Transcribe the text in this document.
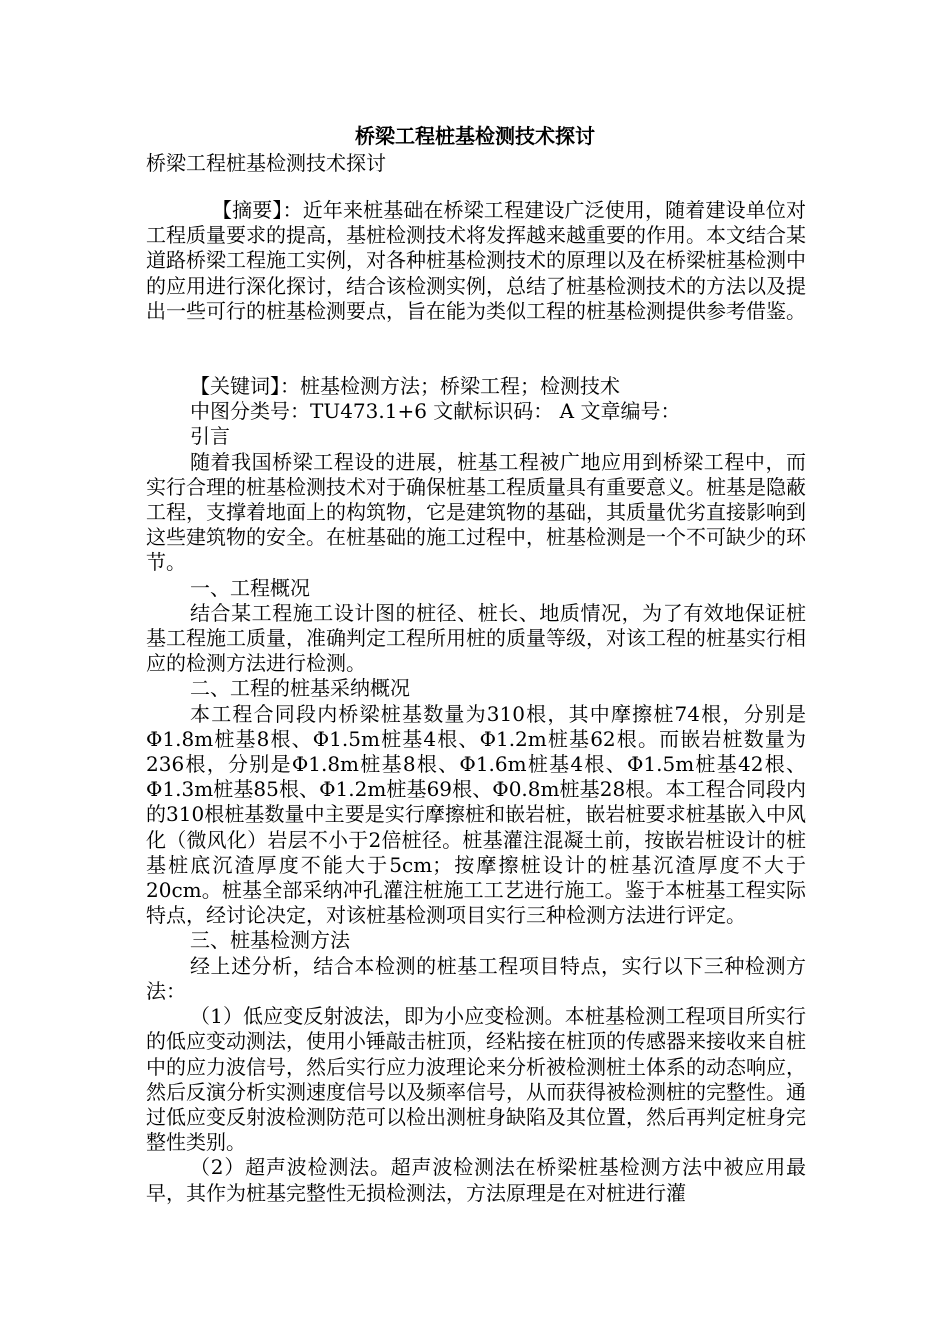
桥梁工程桩基检测技术探讨

桥梁工程桩基检测技术探讨

【摘要】：近年来桩基础在桥梁工程建设广泛使用，随着建设单位对工程质量要求的提高，基桩检测技术将发挥越来越重要的作用。本文结合某道路桥梁工程施工实例，对各种桩基检测技术的原理以及在桥梁桩基检测中的应用进行深化探讨，结合该检测实例，总结了桩基检测技术的方法以及提出一些可行的桩基检测要点，旨在能为类似工程的桩基检测提供参考借鉴。

【关键词】：桩基检测方法；桥梁工程；检测技术

中图分类号：TU473.1+6 文献标识码： A 文章编号：

引言

随着我国桥梁工程设的进展，桩基工程被广地应用到桥梁工程中，而实行合理的桩基检测技术对于确保桩基工程质量具有重要意义。桩基是隐蔽工程，支撑着地面上的构筑物，它是建筑物的基础，其质量优劣直接影响到这些建筑物的安全。在桩基础的施工过程中，桩基检测是一个不可缺少的环节。

一、工程概况

结合某工程施工设计图的桩径、桩长、地质情况，为了有效地保证桩基工程施工质量，准确判定工程所用桩的质量等级，对该工程的桩基实行相应的检测方法进行检测。

二、工程的桩基采纳概况

本工程合同段内桥梁桩基数量为310根，其中摩擦桩74根，分别是Φ1.8m桩基8根、Φ1.5m桩基4根、Φ1.2m桩基62根。而嵌岩桩数量为236根，分别是Φ1.8m桩基8根、Φ1.6m桩基4根、Φ1.5m桩基42根、Φ1.3m桩基85根、Φ1.2m桩基69根、Φ0.8m桩基28根。本工程合同段内的310根桩基数量中主要是实行摩擦桩和嵌岩桩，嵌岩桩要求桩基嵌入中风化（微风化）岩层不小于2倍桩径。桩基灌注混凝土前，按嵌岩桩设计的桩基桩底沉渣厚度不能大于5cm；按摩擦桩设计的桩基沉渣厚度不大于20cm。桩基全部采纳冲孔灌注桩施工工艺进行施工。鉴于本桩基工程实际特点，经讨论决定，对该桩基检测项目实行三种检测方法进行评定。

三、桩基检测方法

经上述分析，结合本检测的桩基工程项目特点，实行以下三种检测方法：

（1）低应变反射波法，即为小应变检测。本桩基检测工程项目所实行的低应变动测法，使用小锤敲击桩顶，经粘接在桩顶的传感器来接收来自桩中的应力波信号，然后实行应力波理论来分析被检测桩土体系的动态响应，然后反演分析实测速度信号以及频率信号，从而获得被检测桩的完整性。通过低应变反射波检测防范可以检出测桩身缺陷及其位置，然后再判定桩身完整性类别。

（2）超声波检测法。超声波检测法在桥梁桩基检测方法中被应用最早，其作为桩基完整性无损检测法，方法原理是在对桩进行灌
